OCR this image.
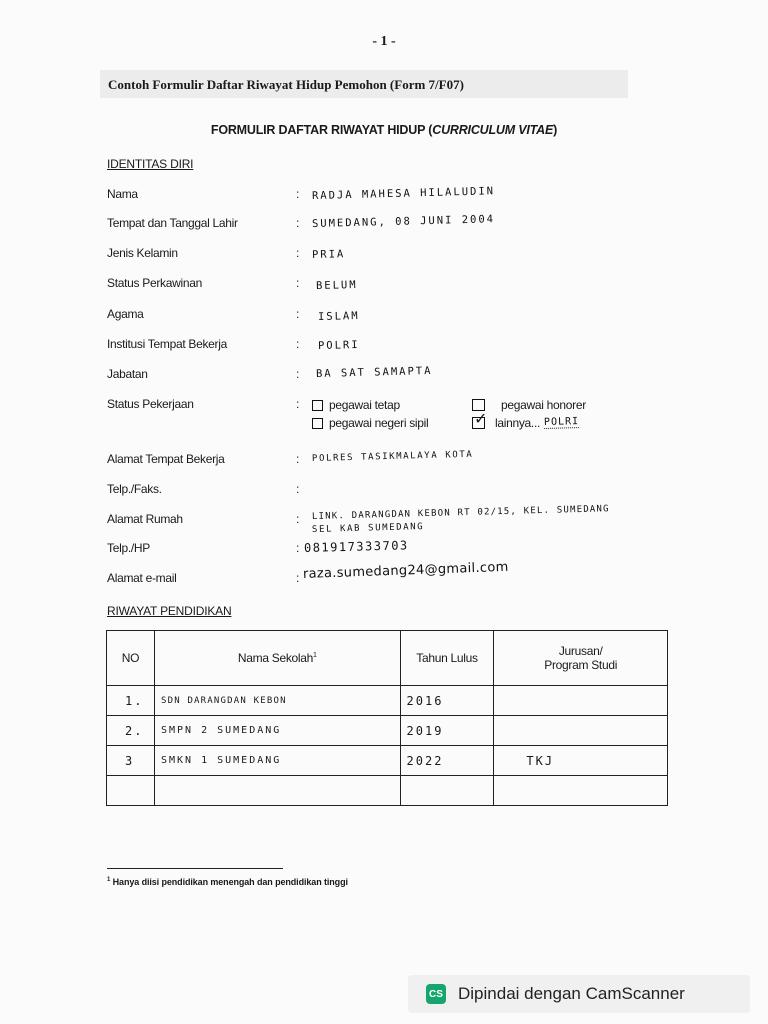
- 1 -
Contoh Formulir Daftar Riwayat Hidup Pemohon (Form 7/F07)
FORMULIR DAFTAR RIWAYAT HIDUP (CURRICULUM VITAE)
IDENTITAS DIRI
Nama	: RADJA MAHESA HILALUDIN
Tempat dan Tanggal Lahir	: SUMEDANG, 08 JUNI 2004
Jenis Kelamin	: PRIA
Status Perkawinan	: BELUM
Agama	: ISLAM
Institusi Tempat Bekerja	: POLRI
Jabatan	: BA SAT SAMAPTA
Status Pekerjaan	: pegawai tetap
pegawai negeri sipil
pegawai honorer
✓ lainnya... POLRI
Alamat Tempat Bekerja	: POLRES TASIKMALAYA KOTA
Telp./Faks.	:
Alamat Rumah	: LINK. DARANGDAN KEBON RT 02/15, KEL. SUMEDANG
SEL KAB SUMEDANG
Telp./HP	: 081917333703
Alamat e-mail	: raza.sumedang24@gmail.com
RIWAYAT PENDIDIKAN
NO	Nama Sekolah$^1$	Tahun Lulus	Jurusan/
Program Studi

1.	SDN DARANGDAN KEBON	2016	
2.	SMPN 2 SUMEDANG	2019	
3	SMKN 1 SUMEDANG	2022	TKJ

$^1$ Hanya diisi pendidikan menengah dan pendidikan tinggi
CS Dipindai dengan CamScanner
